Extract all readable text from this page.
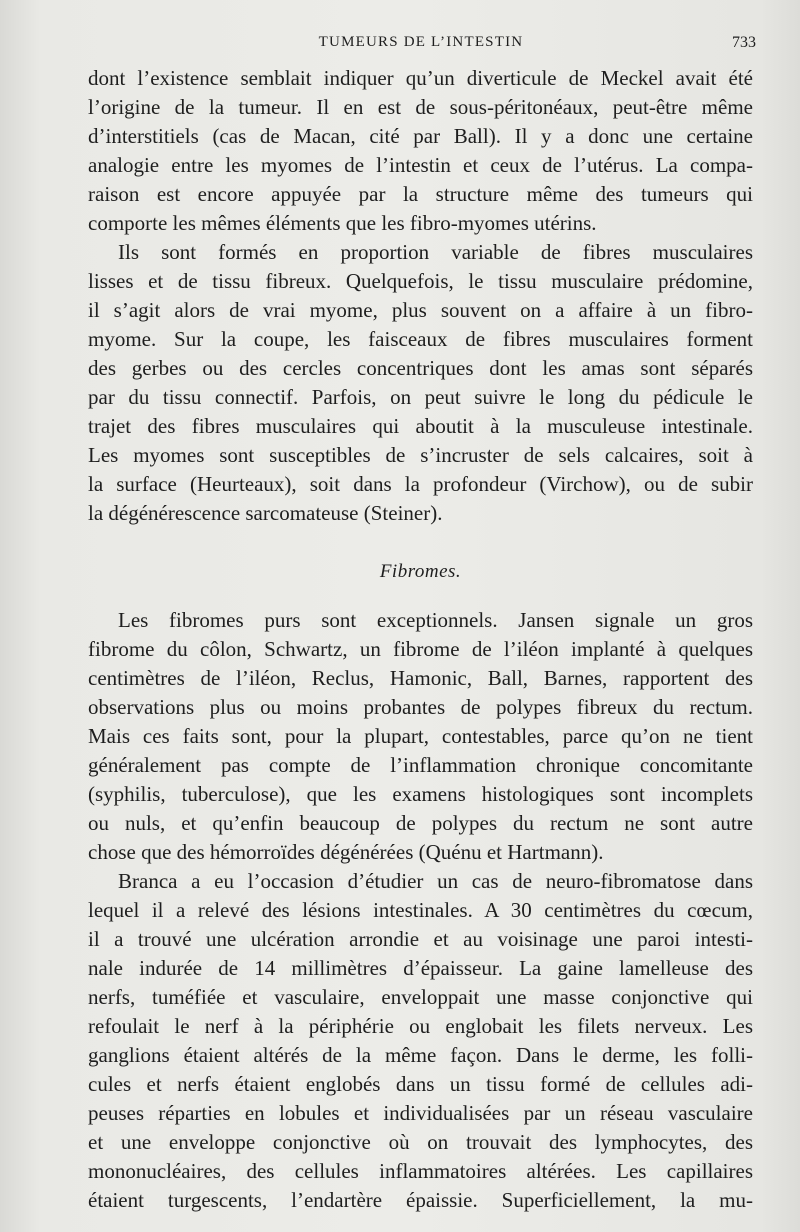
TUMEURS DE L’INTESTIN	733
dont l’existence semblait indiquer qu’un diverticule de Meckel avait été
l’origine de la tumeur. Il en est de sous-péritonéaux, peut-être même
d’interstitiels (cas de Macan, cité par Ball). Il y a donc une certaine
analogie entre les myomes de l’intestin et ceux de l’utérus. La compa-
raison est encore appuyée par la structure même des tumeurs qui
comporte les mêmes éléments que les fibro-myomes utérins.
Ils sont formés en proportion variable de fibres musculaires
lisses et de tissu fibreux. Quelquefois, le tissu musculaire prédomine,
il s’agit alors de vrai myome, plus souvent on a affaire à un fibro-
myome. Sur la coupe, les faisceaux de fibres musculaires forment
des gerbes ou des cercles concentriques dont les amas sont séparés
par du tissu connectif. Parfois, on peut suivre le long du pédicule le
trajet des fibres musculaires qui aboutit à la musculeuse intestinale.
Les myomes sont susceptibles de s’incruster de sels calcaires, soit à
la surface (Heurteaux), soit dans la profondeur (Virchow), ou de subir
la dégénérescence sarcomateuse (Steiner).
Fibromes.
Les fibromes purs sont exceptionnels. Jansen signale un gros
fibrome du côlon, Schwartz, un fibrome de l’iléon implanté à quelques
centimètres de l’iléon, Reclus, Hamonic, Ball, Barnes, rapportent des
observations plus ou moins probantes de polypes fibreux du rectum.
Mais ces faits sont, pour la plupart, contestables, parce qu’on ne tient
généralement pas compte de l’inflammation chronique concomitante
(syphilis, tuberculose), que les examens histologiques sont incomplets
ou nuls, et qu’enfin beaucoup de polypes du rectum ne sont autre
chose que des hémorroïdes dégénérées (Quénu et Hartmann).
Branca a eu l’occasion d’étudier un cas de neuro-fibromatose dans
lequel il a relevé des lésions intestinales. A 30 centimètres du cœcum,
il a trouvé une ulcération arrondie et au voisinage une paroi intesti-
nale indurée de 14 millimètres d’épaisseur. La gaine lamelleuse des
nerfs, tuméfiée et vasculaire, enveloppait une masse conjonctive qui
refoulait le nerf à la périphérie ou englobait les filets nerveux. Les
ganglions étaient altérés de la même façon. Dans le derme, les folli-
cules et nerfs étaient englobés dans un tissu formé de cellules adi-
peuses réparties en lobules et individualisées par un réseau vasculaire
et une enveloppe conjonctive où on trouvait des lymphocytes, des
mononucléaires, des cellules inflammatoires altérées. Les capillaires
étaient turgescents, l’endartère épaissie. Superficiellement, la mu-
